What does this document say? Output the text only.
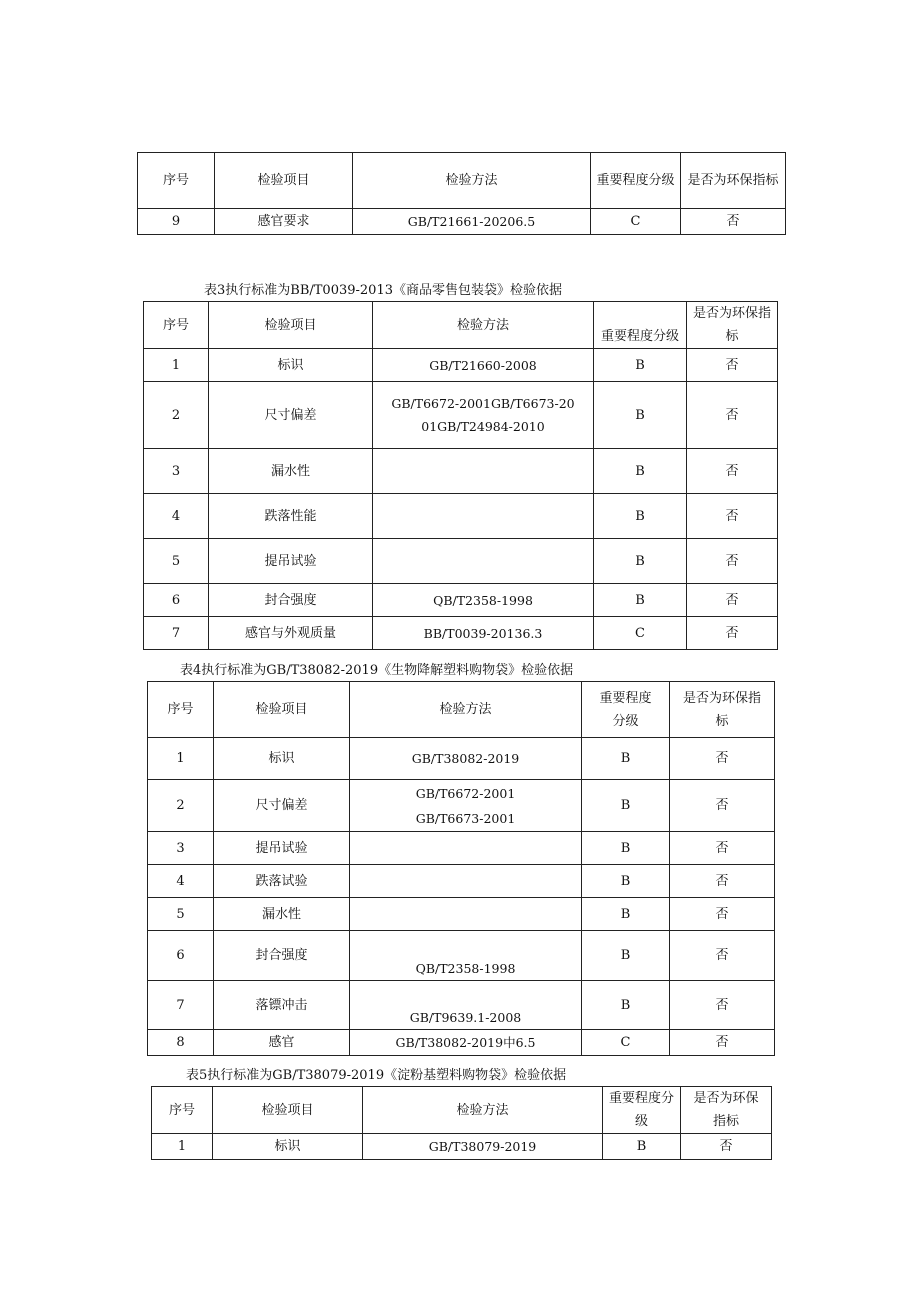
序号	检验项目	检验方法	重要程度分级	是否为环保指标
9	感官要求	GB/T21661-20206.5	C	否
表3执行标准为BB/T0039-2013《商品零售包装袋》检验依据
序号	检验项目	检验方法	重要程度分级	是否为环保指标
1	标识	GB/T21660-2008	B	否
2	尺寸偏差	GB/T6672-2001GB/T6673-2001GB/T24984-2010	B	否
3	漏水性		B	否
4	跌落性能		B	否
5	提吊试验		B	否
6	封合强度	QB/T2358-1998	B	否
7	感官与外观质量	BB/T0039-20136.3	C	否
表4执行标准为GB/T38082-2019《生物降解塑料购物袋》检验依据
序号	检验项目	检验方法	重要程度分级	是否为环保指标
1	标识	GB/T38082-2019	B	否
2	尺寸偏差	GB/T6672-2001 GB/T6673-2001	B	否
3	提吊试验		B	否
4	跌落试验		B	否
5	漏水性		B	否
6	封合强度	QB/T2358-1998	B	否
7	落镖冲击	GB/T9639.1-2008	B	否
8	感官	GB/T38082-2019中6.5	C	否
表5执行标准为GB/T38079-2019《淀粉基塑料购物袋》检验依据
序号	检验项目	检验方法	重要程度分级	是否为环保指标
1	标识	GB/T38079-2019	B	否
